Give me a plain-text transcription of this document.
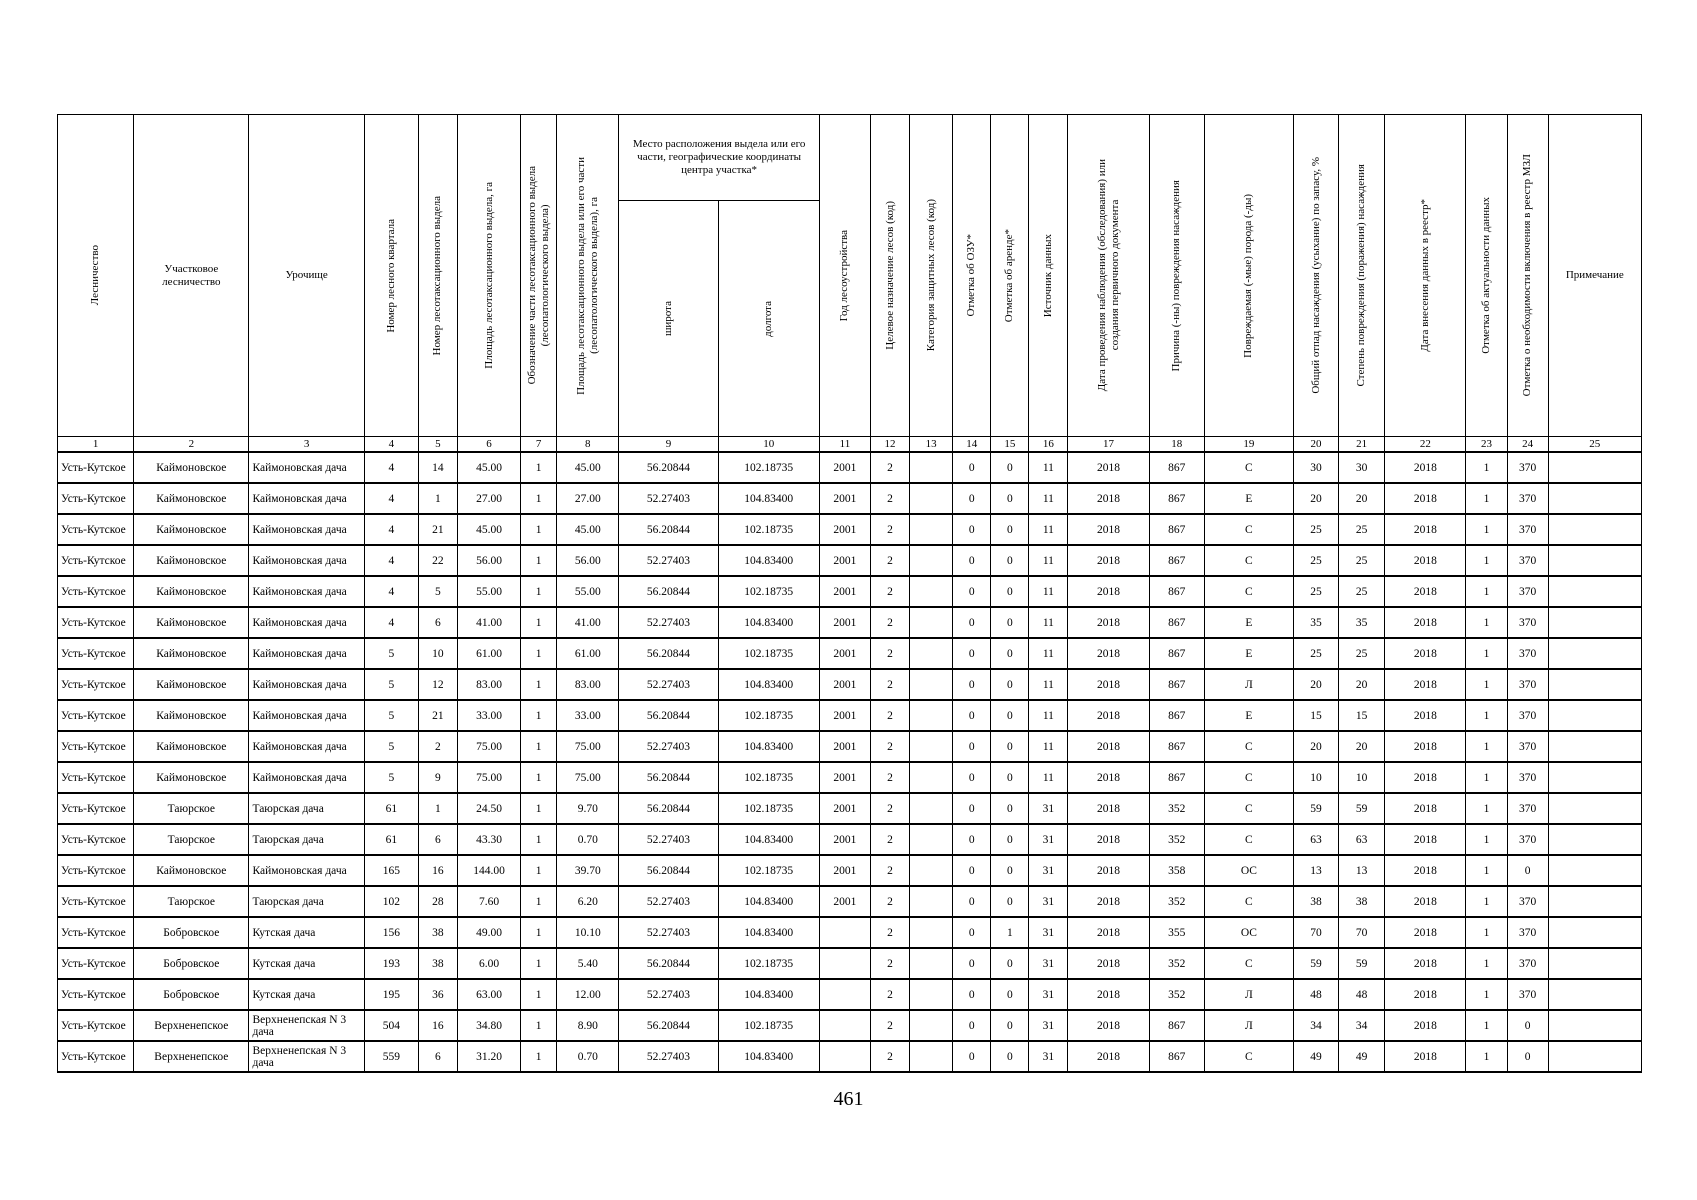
Лесничество	Участковое лесничество	Урочище	Номер лесного квартала	Номер лесотаксационного выдела	Площадь лесотаксационного выдела, га	Обозначение части лесотаксационного выдела (лесопатологического выдела)	Площадь лесотаксационного выдела или его части (лесопатологического выдела), га	Место расположения выдела или его части, географические координаты центра участка*		Год лесоустройства	Целевое назначение лесов (код)	Категория защитных лесов (код)	Отметка об ОЗУ*	Отметка об аренде*	Источник данных	Дата проведения наблюдения (обследования) или создания первичного документа	Причина (-ны) повреждения насаждения	Повреждаемая (-мые) порода (-ды)	Общий отпад насаждения (усыхание) по запасу, %	Степень повреждения (поражения) насаждения	Дата внесения данных в реестр*	Отметка об актуальности данных	Отметка о необходимости включения в реестр МЗЛ	Примечание

								широта	долгота															

1	2	3	4	5	6	7	8	9	10	11	12	13	14	15	16	17	18	19	20	21	22	23	24	25
Усть-Кутское	Каймоновское	Каймоновская дача	4	14	45.00	1	45.00	56.20844	102.18735	2001	2		0	0	11	2018	867	С	30	30	2018	1	370	
Усть-Кутское	Каймоновское	Каймоновская дача	4	1	27.00	1	27.00	52.27403	104.83400	2001	2		0	0	11	2018	867	Е	20	20	2018	1	370	
Усть-Кутское	Каймоновское	Каймоновская дача	4	21	45.00	1	45.00	56.20844	102.18735	2001	2		0	0	11	2018	867	С	25	25	2018	1	370	
Усть-Кутское	Каймоновское	Каймоновская дача	4	22	56.00	1	56.00	52.27403	104.83400	2001	2		0	0	11	2018	867	С	25	25	2018	1	370	
Усть-Кутское	Каймоновское	Каймоновская дача	4	5	55.00	1	55.00	56.20844	102.18735	2001	2		0	0	11	2018	867	С	25	25	2018	1	370	
Усть-Кутское	Каймоновское	Каймоновская дача	4	6	41.00	1	41.00	52.27403	104.83400	2001	2		0	0	11	2018	867	Е	35	35	2018	1	370	
Усть-Кутское	Каймоновское	Каймоновская дача	5	10	61.00	1	61.00	56.20844	102.18735	2001	2		0	0	11	2018	867	Е	25	25	2018	1	370	
Усть-Кутское	Каймоновское	Каймоновская дача	5	12	83.00	1	83.00	52.27403	104.83400	2001	2		0	0	11	2018	867	Л	20	20	2018	1	370	
Усть-Кутское	Каймоновское	Каймоновская дача	5	21	33.00	1	33.00	56.20844	102.18735	2001	2		0	0	11	2018	867	Е	15	15	2018	1	370	
Усть-Кутское	Каймоновское	Каймоновская дача	5	2	75.00	1	75.00	52.27403	104.83400	2001	2		0	0	11	2018	867	С	20	20	2018	1	370	
Усть-Кутское	Каймоновское	Каймоновская дача	5	9	75.00	1	75.00	56.20844	102.18735	2001	2		0	0	11	2018	867	С	10	10	2018	1	370	
Усть-Кутское	Таюрское	Таюрская дача	61	1	24.50	1	9.70	56.20844	102.18735	2001	2		0	0	31	2018	352	С	59	59	2018	1	370	
Усть-Кутское	Таюрское	Таюрская дача	61	6	43.30	1	0.70	52.27403	104.83400	2001	2		0	0	31	2018	352	С	63	63	2018	1	370	
Усть-Кутское	Каймоновское	Каймоновская дача	165	16	144.00	1	39.70	56.20844	102.18735	2001	2		0	0	31	2018	358	ОС	13	13	2018	1	0	
Усть-Кутское	Таюрское	Таюрская дача	102	28	7.60	1	6.20	52.27403	104.83400	2001	2		0	0	31	2018	352	С	38	38	2018	1	370	
Усть-Кутское	Бобровское	Кутская дача	156	38	49.00	1	10.10	52.27403	104.83400		2		0	1	31	2018	355	ОС	70	70	2018	1	370	
Усть-Кутское	Бобровское	Кутская дача	193	38	6.00	1	5.40	56.20844	102.18735		2		0	0	31	2018	352	С	59	59	2018	1	370	
Усть-Кутское	Бобровское	Кутская дача	195	36	63.00	1	12.00	52.27403	104.83400		2		0	0	31	2018	352	Л	48	48	2018	1	370	
Усть-Кутское	Верхненепское	Верхненепская N 3 дача	504	16	34.80	1	8.90	56.20844	102.18735		2		0	0	31	2018	867	Л	34	34	2018	1	0	
Усть-Кутское	Верхненепское	Верхненепская N 3 дача	559	6	31.20	1	0.70	52.27403	104.83400		2		0	0	31	2018	867	С	49	49	2018	1	0	
461
